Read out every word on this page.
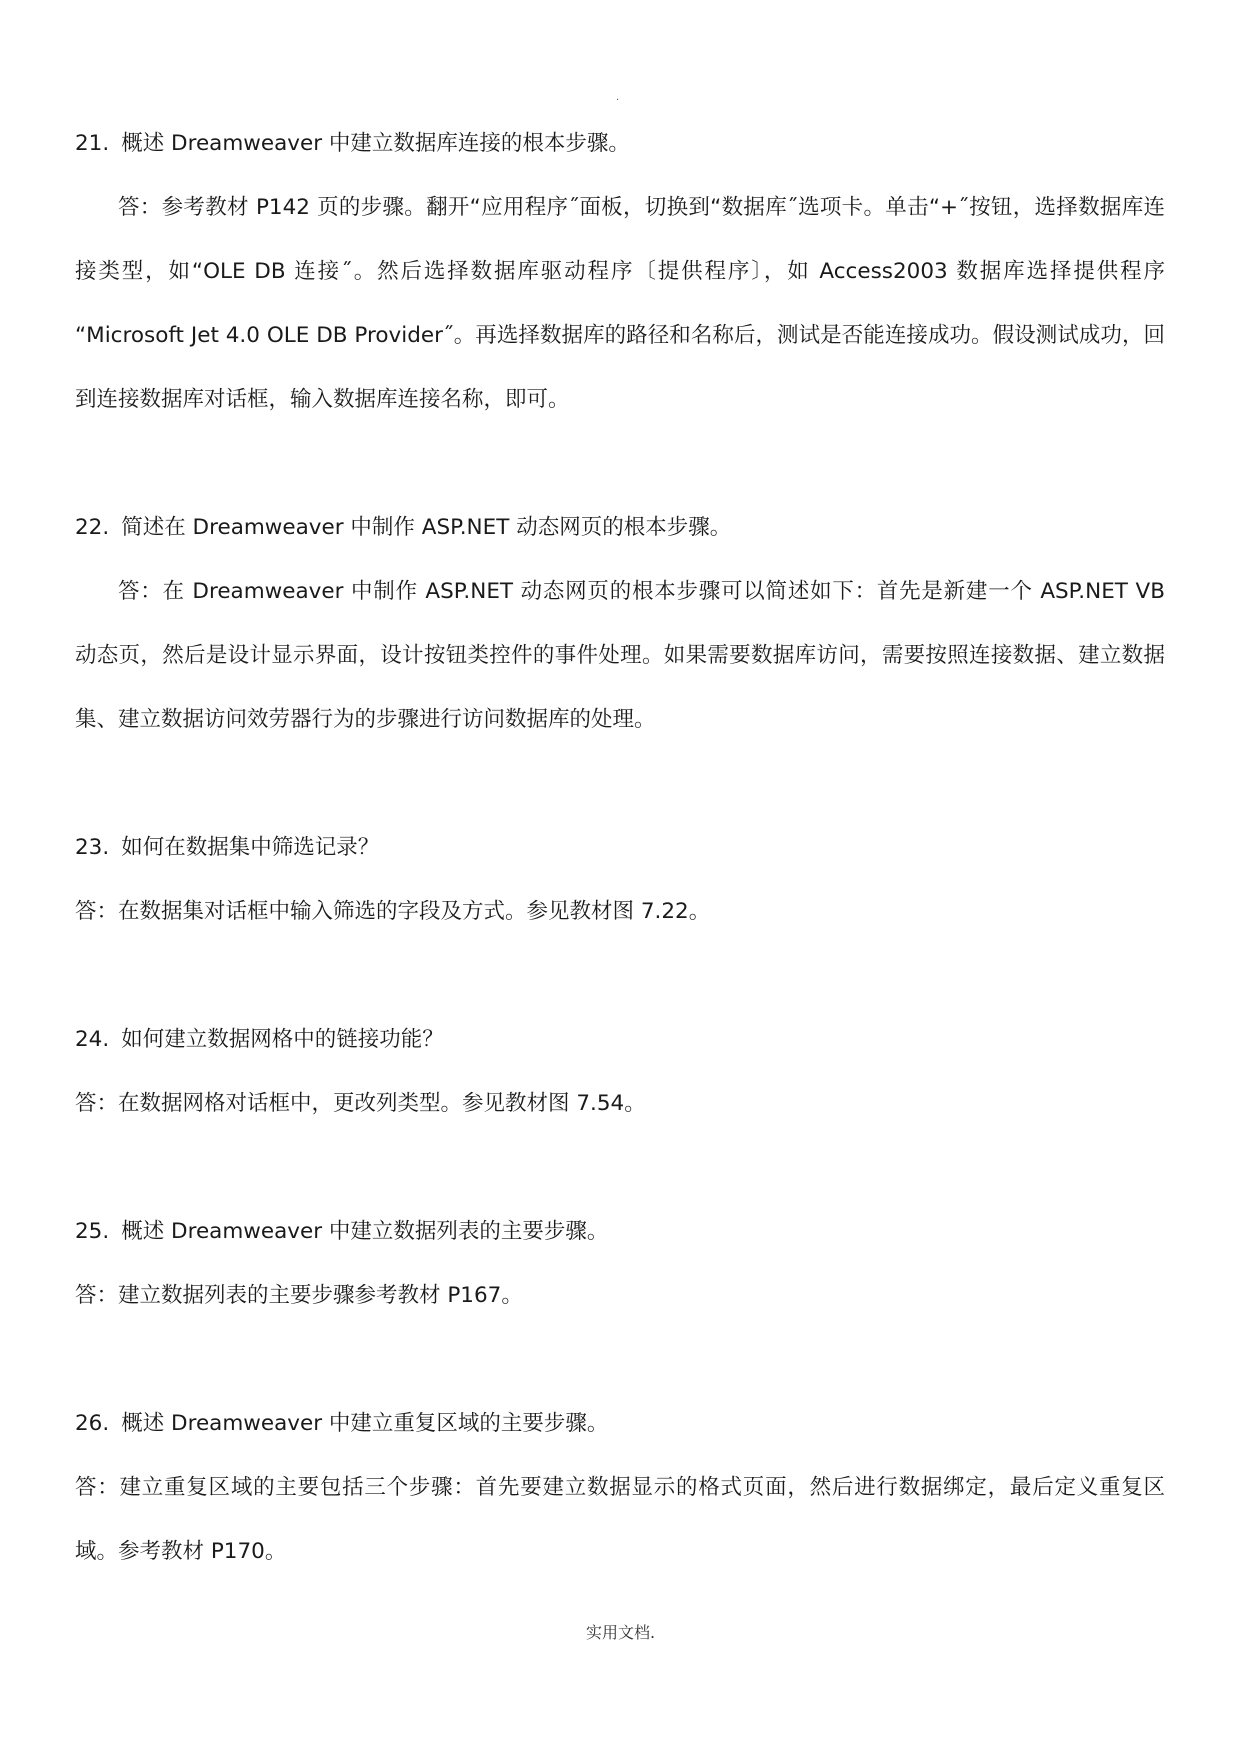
.

21. 概述 Dreamweaver 中建立数据库连接的根本步骤。

答：参考教材 P142 页的步骤。翻开“应用程序˝面板，切换到“数据库˝选项卡。单击“+˝按钮，选择数据库连接类型，如“OLE DB 连接˝。然后选择数据库驱动程序〔提供程序〕，如 Access2003 数据库选择提供程序 “Microsoft Jet 4.0 OLE DB Provider˝。再选择数据库的路径和名称后，测试是否能连接成功。假设测试成功，回到连接数据库对话框，输入数据库连接名称，即可。

22. 简述在 Dreamweaver 中制作 ASP.NET 动态网页的根本步骤。

答：在 Dreamweaver 中制作 ASP.NET 动态网页的根本步骤可以简述如下：首先是新建一个 ASP.NET VB 动态页，然后是设计显示界面，设计按钮类控件的事件处理。如果需要数据库访问，需要按照连接数据、建立数据集、建立数据访问效劳器行为的步骤进行访问数据库的处理。

23. 如何在数据集中筛选记录？

答：在数据集对话框中输入筛选的字段及方式。参见教材图 7.22。

24. 如何建立数据网格中的链接功能？

答：在数据网格对话框中，更改列类型。参见教材图 7.54。

25. 概述 Dreamweaver 中建立数据列表的主要步骤。

答：建立数据列表的主要步骤参考教材 P167。

26. 概述 Dreamweaver 中建立重复区域的主要步骤。

答：建立重复区域的主要包括三个步骤：首先要建立数据显示的格式页面，然后进行数据绑定，最后定义重复区域。参考教材 P170。

实用文档.
